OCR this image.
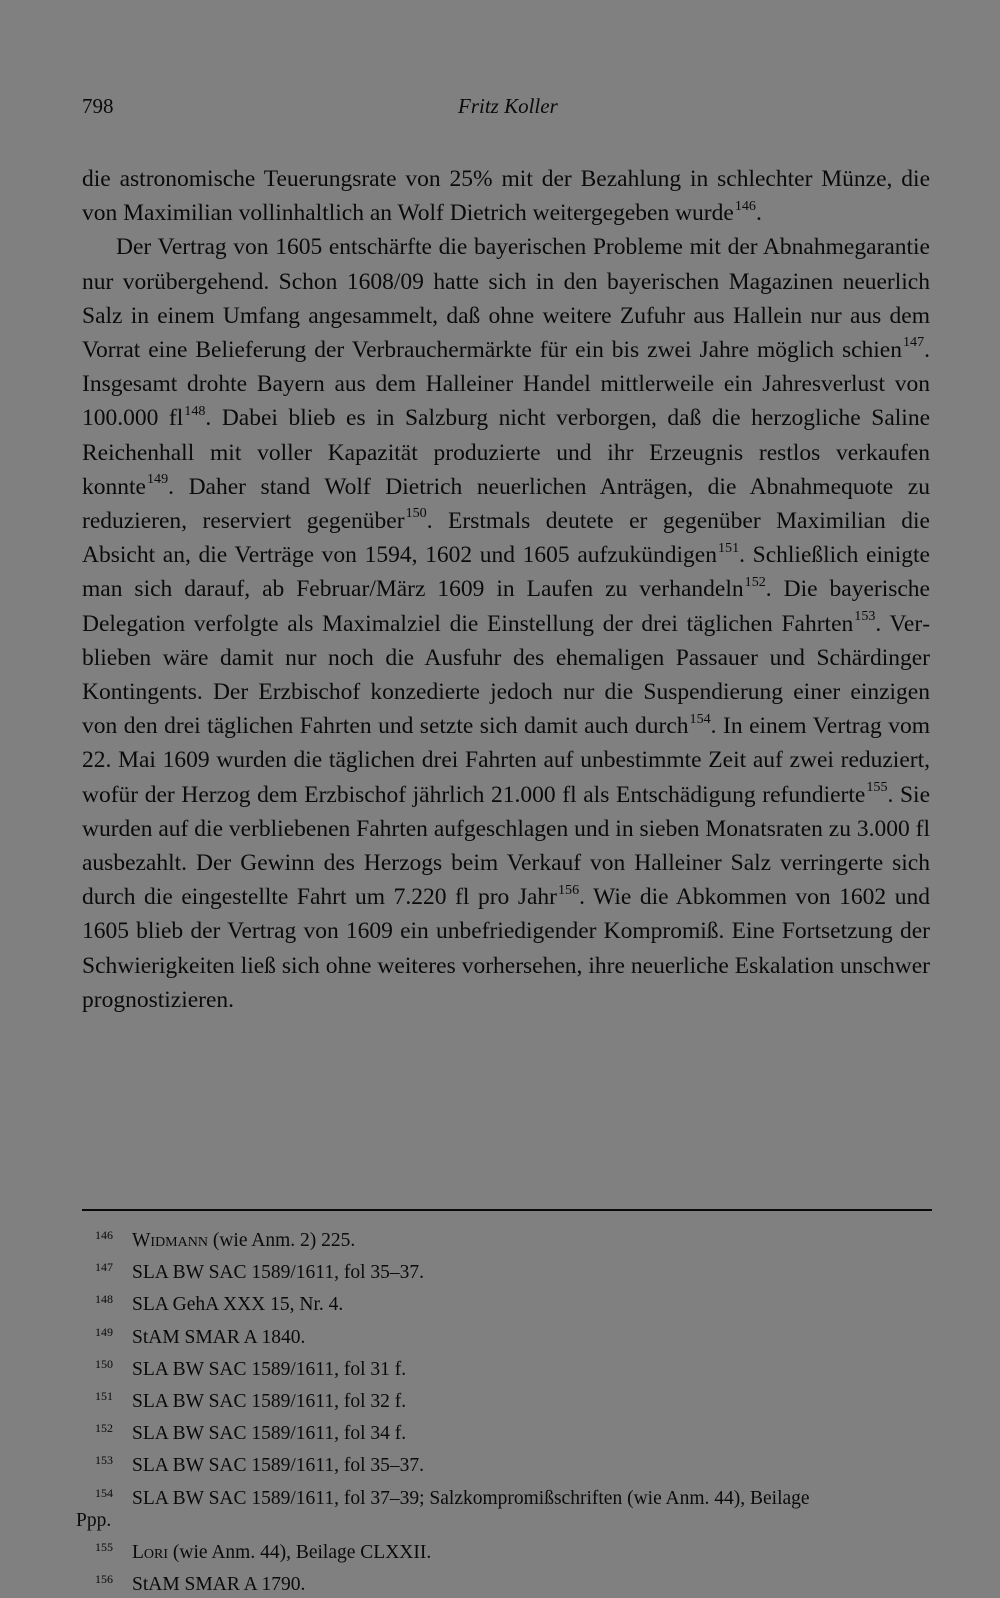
798	Fritz Koller

die astronomische Teuerungsrate von 25% mit der Bezahlung in schlechter Münze, die von Maximilian vollinhaltlich an Wolf Dietrich weitergegeben wurde$^{146}$.

Der Vertrag von 1605 entschärfte die bayerischen Probleme mit der Abnahmegarantie nur vorübergehend. Schon 1608/09 hatte sich in den bayerischen Magazinen neuerlich Salz in einem Umfang angesammelt, daß ohne weitere Zufuhr aus Hallein nur aus dem Vorrat eine Belieferung der Verbrauchermärkte für ein bis zwei Jahre möglich schien$^{147}$. Insgesamt drohte Bayern aus dem Halleiner Handel mittlerweile ein Jahresverlust von 100.000 $fl^{148}$. Dabei blieb es in Salzburg nicht verborgen, daß die herzogliche Saline Reichenhall mit voller Kapazität produzierte und ihr Erzeugnis restlos verkaufen konnte$^{149}$. Daher stand Wolf Dietrich neuerlichen Anträgen, die Abnahmequote zu reduzieren, reserviert gegenüber$^{150}$. Erstmals deutete er gegenüber Maximilian die Absicht an, die Verträge von 1594, 1602 und 1605 aufzukündigen$^{151}$. Schließlich einigte man sich darauf, ab Februar/März 1609 in Laufen zu verhandeln$^{152}$. Die bayerische Delegation verfolgte als Maximalziel die Einstellung der drei täglichen Fahrten$^{153}$. Verblieben wäre damit nur noch die Ausfuhr des ehemaligen Passauer und Schärdinger Kontingents. Der Erzbischof konzedierte jedoch nur die Suspendierung einer einzigen von den drei täglichen Fahrten und setzte sich damit auch durch$^{154}$. In einem Vertrag vom 22. Mai 1609 wurden die täglichen drei Fahrten auf unbestimmte Zeit auf zwei reduziert, wofür der Herzog dem Erzbischof jährlich 21.000 fl als Entschädigung refundierte$^{155}$. Sie wurden auf die verbliebenen Fahrten aufgeschlagen und in sieben Monatsraten zu 3.000 fl ausbezahlt. Der Gewinn des Herzogs beim Verkauf von Halleiner Salz verringerte sich durch die eingestellte Fahrt um 7.220 fl pro Jahr$^{156}$. Wie die Abkommen von 1602 und 1605 blieb der Vertrag von 1609 ein unbefriedigender Kompromiß. Eine Fortsetzung der Schwierigkeiten ließ sich ohne weiteres vorhersehen, ihre neuerliche Eskalation unschwer prognostizieren.

146 Widmann (wie Anm. 2) 225.
147 SLA BW SAC 1589/1611, fol 35–37.
148 SLA GehA XXX 15, Nr. 4.
149 StAM SMAR A 1840.
150 SLA BW SAC 1589/1611, fol 31 f.
151 SLA BW SAC 1589/1611, fol 32 f.
152 SLA BW SAC 1589/1611, fol 34 f.
153 SLA BW SAC 1589/1611, fol 35–37.
154 SLA BW SAC 1589/1611, fol 37–39; Salzkompromißschriften (wie Anm. 44), Beilage
Ppp.
155 Lori (wie Anm. 44), Beilage CLXXII.
156 StAM SMAR A 1790.
